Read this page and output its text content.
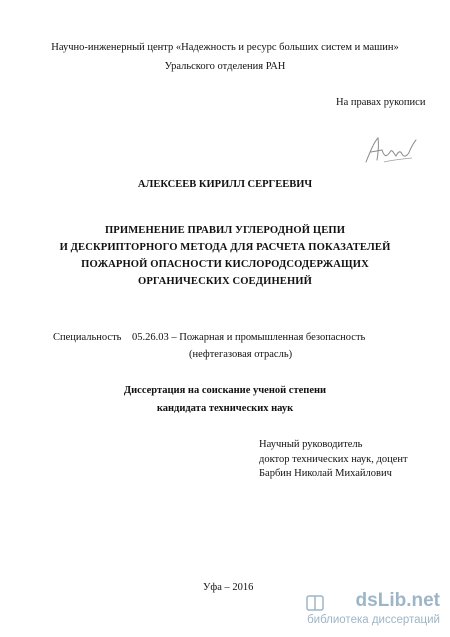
Научно-инженерный центр «Надежность и ресурс больших систем и машин»
Уральского отделения РАН
На правах рукописи
АЛЕКСЕЕВ КИРИЛЛ СЕРГЕЕВИЧ
ПРИМЕНЕНИЕ ПРАВИЛ УГЛЕРОДНОЙ ЦЕПИ
И ДЕСКРИПТОРНОГО МЕТОДА ДЛЯ РАСЧЕТА ПОКАЗАТЕЛЕЙ
ПОЖАРНОЙ ОПАСНОСТИ КИСЛОРОДСОДЕРЖАЩИХ
ОРГАНИЧЕСКИХ СОЕДИНЕНИЙ
Специальность 05.26.03 – Пожарная и промышленная безопасность
(нефтегазовая отрасль)
Диссертация на соискание ученой степени
кандидата технических наук
Научный руководитель
доктор технических наук, доцент
Барбин Николай Михайлович
Уфа – 2016
dsLib.net
библиотека диссертаций
